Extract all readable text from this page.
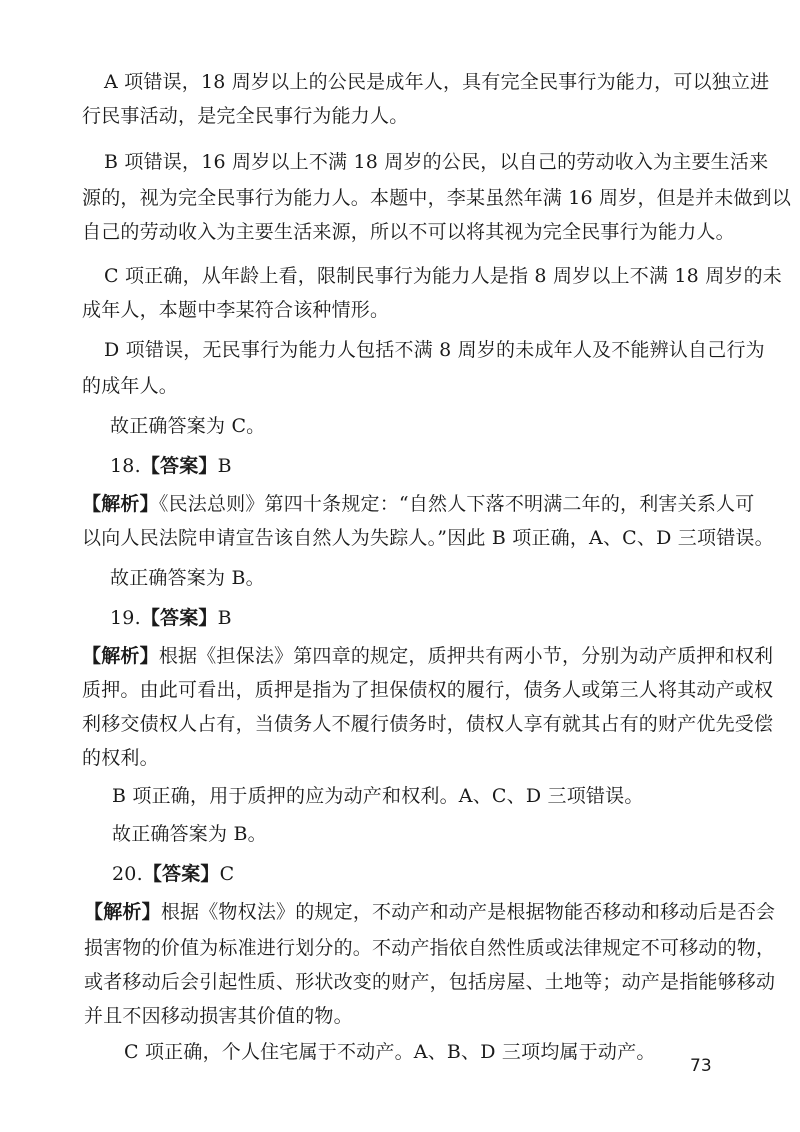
A 项错误，18 周岁以上的公民是成年人，具有完全民事行为能力，可以独立进
行民事活动，是完全民事行为能力人。
B 项错误，16 周岁以上不满 18 周岁的公民，以自己的劳动收入为主要生活来
源的，视为完全民事行为能力人。本题中，李某虽然年满 16 周岁，但是并未做到以
自己的劳动收入为主要生活来源，所以不可以将其视为完全民事行为能力人。
C 项正确，从年龄上看，限制民事行为能力人是指 8 周岁以上不满 18 周岁的未
成年人，本题中李某符合该种情形。
D 项错误，无民事行为能力人包括不满 8 周岁的未成年人及不能辨认自己行为
的成年人。
故正确答案为 C。
18.【答案】B
【解析】《民法总则》第四十条规定：“自然人下落不明满二年的，利害关系人可
以向人民法院申请宣告该自然人为失踪人。”因此 B 项正确，A、C、D 三项错误。
故正确答案为 B。
19.【答案】B
【解析】根据《担保法》第四章的规定，质押共有两小节，分别为动产质押和权利
质押。由此可看出，质押是指为了担保债权的履行，债务人或第三人将其动产或权
利移交债权人占有，当债务人不履行债务时，债权人享有就其占有的财产优先受偿
的权利。
B 项正确，用于质押的应为动产和权利。A、C、D 三项错误。
故正确答案为 B。
20.【答案】C
【解析】根据《物权法》的规定，不动产和动产是根据物能否移动和移动后是否会
损害物的价值为标准进行划分的。不动产指依自然性质或法律规定不可移动的物，
或者移动后会引起性质、形状改变的财产，包括房屋、土地等；动产是指能够移动
并且不因移动损害其价值的物。
C 项正确，个人住宅属于不动产。A、B、D 三项均属于动产。
73
